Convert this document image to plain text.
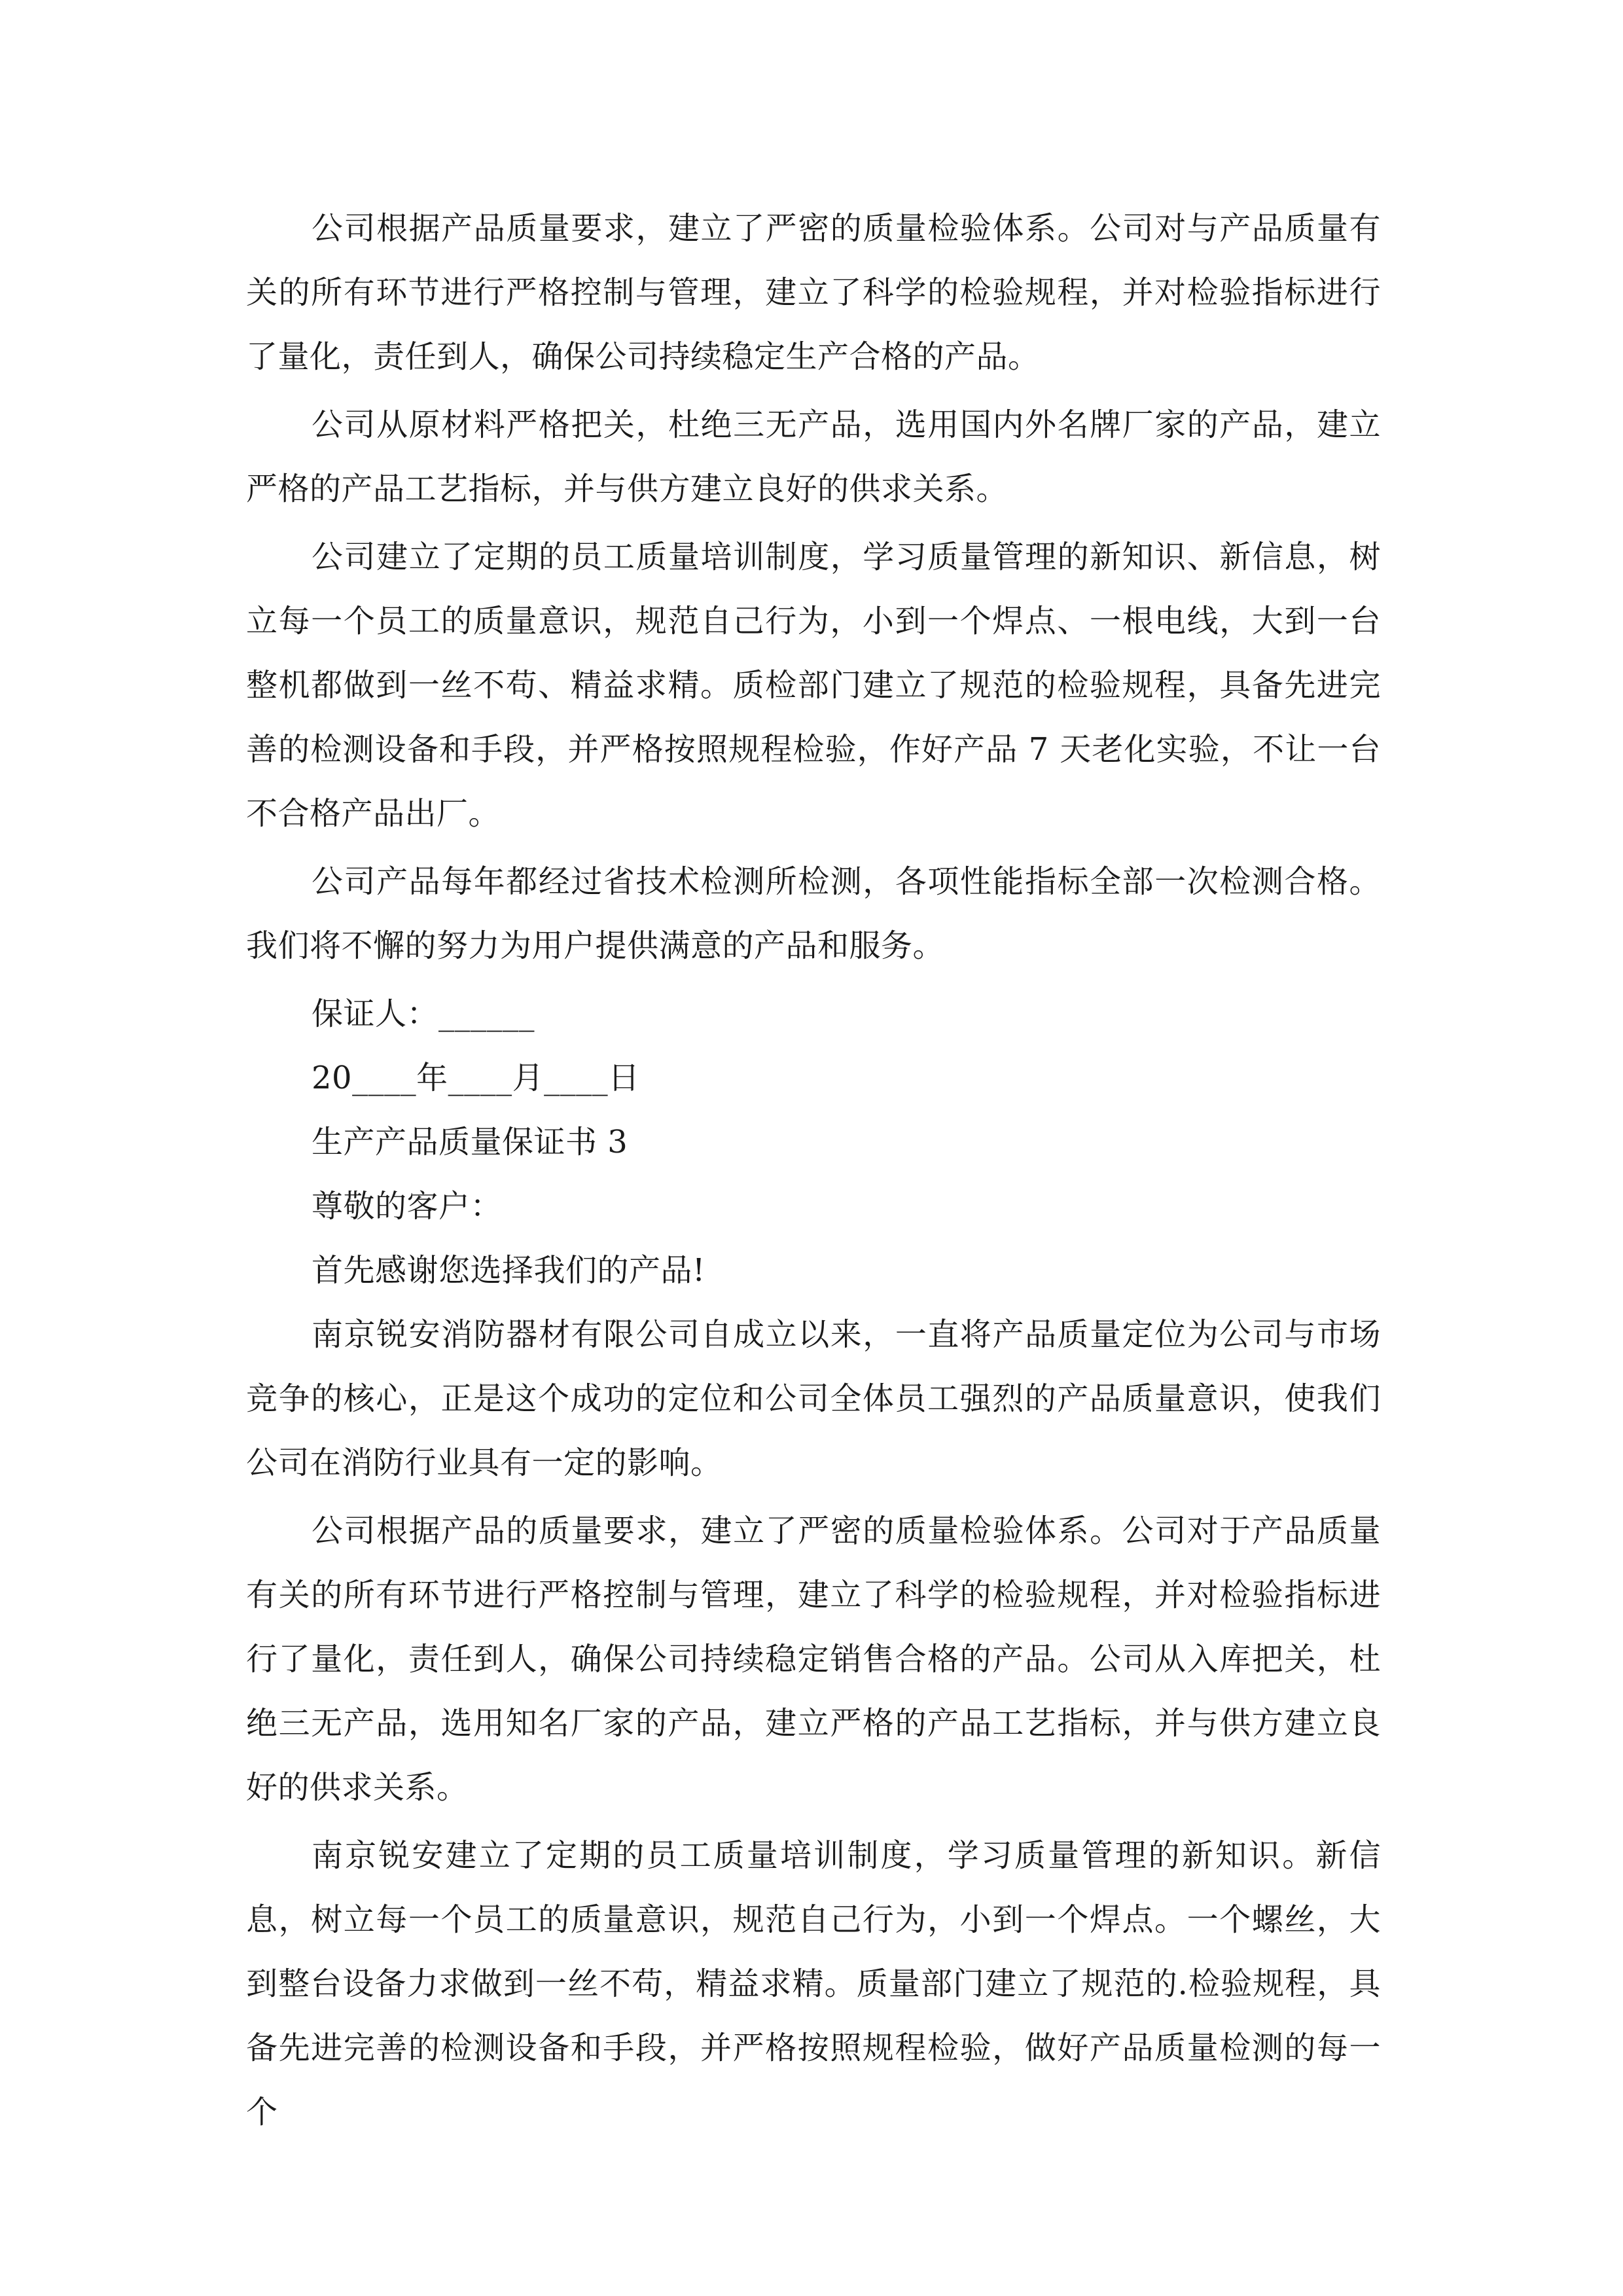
公司根据产品质量要求，建立了严密的质量检验体系。公司对与产品质量有关的所有环节进行严格控制与管理，建立了科学的检验规程，并对检验指标进行了量化，责任到人，确保公司持续稳定生产合格的产品。

公司从原材料严格把关，杜绝三无产品，选用国内外名牌厂家的产品，建立严格的产品工艺指标，并与供方建立良好的供求关系。

公司建立了定期的员工质量培训制度，学习质量管理的新知识、新信息，树立每一个员工的质量意识，规范自己行为，小到一个焊点、一根电线，大到一台整机都做到一丝不苟、精益求精。质检部门建立了规范的检验规程，具备先进完善的检测设备和手段，并严格按照规程检验，作好产品 7 天老化实验，不让一台不合格产品出厂。

公司产品每年都经过省技术检测所检测，各项性能指标全部一次检测合格。我们将不懈的努力为用户提供满意的产品和服务。

保证人：______

20____年____月____日

生产产品质量保证书 3

尊敬的客户：

首先感谢您选择我们的产品!

南京锐安消防器材有限公司自成立以来，一直将产品质量定位为公司与市场竞争的核心，正是这个成功的定位和公司全体员工强烈的产品质量意识，使我们公司在消防行业具有一定的影响。

公司根据产品的质量要求，建立了严密的质量检验体系。公司对于产品质量有关的所有环节进行严格控制与管理，建立了科学的检验规程，并对检验指标进行了量化，责任到人，确保公司持续稳定销售合格的产品。公司从入库把关，杜绝三无产品，选用知名厂家的产品，建立严格的产品工艺指标，并与供方建立良好的供求关系。

南京锐安建立了定期的员工质量培训制度，学习质量管理的新知识。新信息，树立每一个员工的质量意识，规范自己行为，小到一个焊点。一个螺丝，大到整台设备力求做到一丝不苟，精益求精。质量部门建立了规范的.检验规程，具备先进完善的检测设备和手段，并严格按照规程检验，做好产品质量检测的每一个
